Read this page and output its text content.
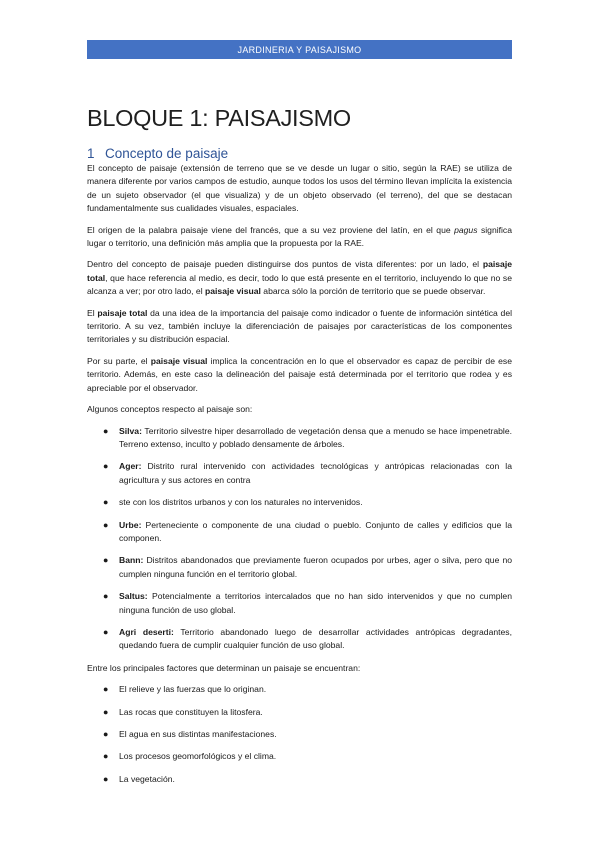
JARDINERIA Y PAISAJISMO
BLOQUE 1: PAISAJISMO
1 Concepto de paisaje

El concepto de paisaje (extensión de terreno que se ve desde un lugar o sitio, según la RAE) se utiliza de manera diferente por varios campos de estudio, aunque todos los usos del término llevan implícita la existencia de un sujeto observador (el que visualiza) y de un objeto observado (el terreno), del que se destacan fundamentalmente sus cualidades visuales, espaciales.

El origen de la palabra paisaje viene del francés, que a su vez proviene del latín, en el que pagus significa lugar o territorio, una definición más amplia que la propuesta por la RAE.

Dentro del concepto de paisaje pueden distinguirse dos puntos de vista diferentes: por un lado, el paisaje total, que hace referencia al medio, es decir, todo lo que está presente en el territorio, incluyendo lo que no se alcanza a ver; por otro lado, el paisaje visual abarca sólo la porción de territorio que se puede observar.

El paisaje total da una idea de la importancia del paisaje como indicador o fuente de información sintética del territorio. A su vez, también incluye la diferenciación de paisajes por características de los componentes territoriales y su distribución espacial.

Por su parte, el paisaje visual implica la concentración en lo que el observador es capaz de percibir de ese territorio. Además, en este caso la delineación del paisaje está determinada por el territorio que rodea y es apreciable por el observador.

Algunos conceptos respecto al paisaje son:

● Silva: Territorio silvestre hiper desarrollado de vegetación densa que a menudo se hace impenetrable. Terreno extenso, inculto y poblado densamente de árboles.
● Ager: Distrito rural intervenido con actividades tecnológicas y antrópicas relacionadas con la agricultura y sus actores en contra
● ste con los distritos urbanos y con los naturales no intervenidos.
● Urbe: Perteneciente o componente de una ciudad o pueblo. Conjunto de calles y edificios que la componen.
● Bann: Distritos abandonados que previamente fueron ocupados por urbes, ager o silva, pero que no cumplen ninguna función en el territorio global.
● Saltus: Potencialmente a territorios intercalados que no han sido intervenidos y que no cumplen ninguna función de uso global.
● Agri deserti: Territorio abandonado luego de desarrollar actividades antrópicas degradantes, quedando fuera de cumplir cualquier función de uso global.

Entre los principales factores que determinan un paisaje se encuentran:

● El relieve y las fuerzas que lo originan.
● Las rocas que constituyen la litosfera.
● El agua en sus distintas manifestaciones.
● Los procesos geomorfológicos y el clima.
● La vegetación.
